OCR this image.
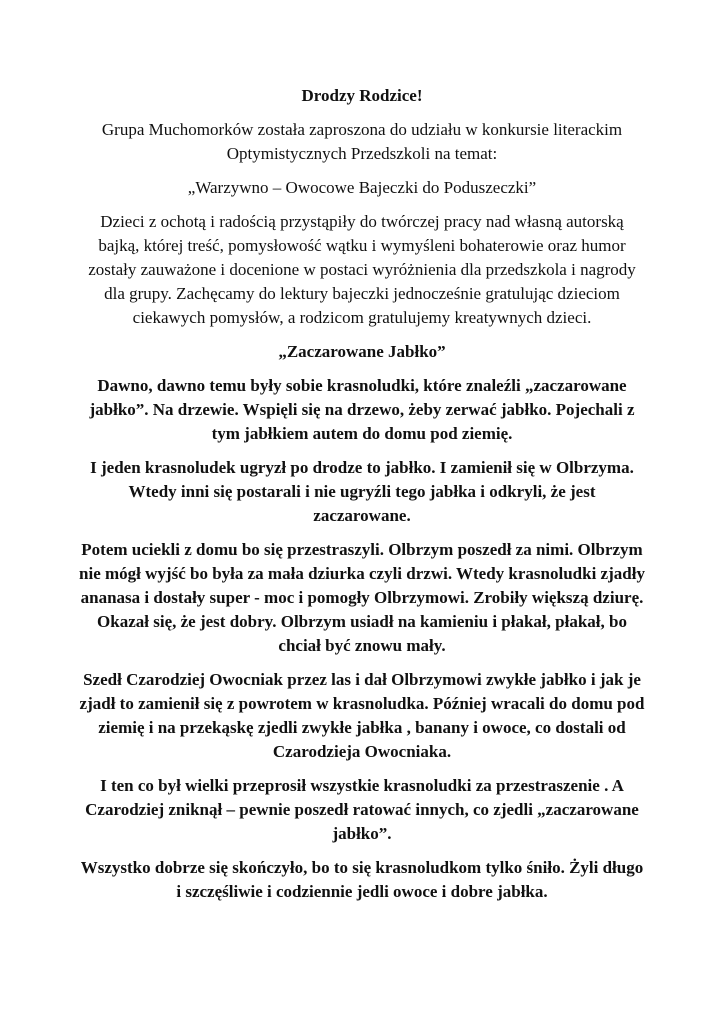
Drodzy Rodzice!

Grupa Muchomorków została zaproszona do udziału w konkursie literackim Optymistycznych Przedszkoli na temat:

„Warzywno – Owocowe Bajeczki do Poduszeczki”

Dzieci z ochotą i radością przystąpiły do twórczej pracy nad własną autorską bajką, której treść, pomysłowość wątku i wymyśleni bohaterowie oraz humor zostały zauważone i docenione w postaci wyróżnienia dla przedszkola i nagrody dla grupy. Zachęcamy do lektury bajeczki jednocześnie gratulując dzieciom ciekawych pomysłów, a rodzicom gratulujemy kreatywnych dzieci.

„Zaczarowane Jabłko”

Dawno, dawno temu były sobie krasnoludki, które znaleźli „zaczarowane jabłko”. Na drzewie. Wspięli się na drzewo, żeby zerwać jabłko. Pojechali z tym jabłkiem autem do domu pod ziemię.

I jeden krasnoludek ugryzł po drodze to jabłko. I zamienił się w Olbrzyma. Wtedy inni się postarali i nie ugryźli tego jabłka i odkryli, że jest zaczarowane.

Potem uciekli z domu bo się przestraszyli. Olbrzym poszedł za nimi. Olbrzym nie mógł wyjść bo była za mała dziurka czyli drzwi. Wtedy krasnoludki zjadły ananasa i dostały super - moc i pomogły Olbrzymowi. Zrobiły większą dziurę. Okazał się, że jest dobry. Olbrzym usiadł na kamieniu i płakał, płakał, bo chciał być znowu mały.

Szedł Czarodziej Owocniak przez las i dał Olbrzymowi zwykłe jabłko i jak je zjadł to zamienił się z powrotem w krasnoludka. Później wracali do domu pod ziemię i na przekąskę zjedli zwykłe jabłka , banany i owoce, co dostali od Czarodzieja Owocniaka.

I ten co był wielki przeprosił wszystkie krasnoludki za przestraszenie . A Czarodziej zniknął – pewnie poszedł ratować innych, co zjedli „zaczarowane jabłko”.

Wszystko dobrze się skończyło, bo to się krasnoludkom tylko śniło. Żyli długo i szczęśliwie i codziennie jedli owoce i dobre jabłka.
